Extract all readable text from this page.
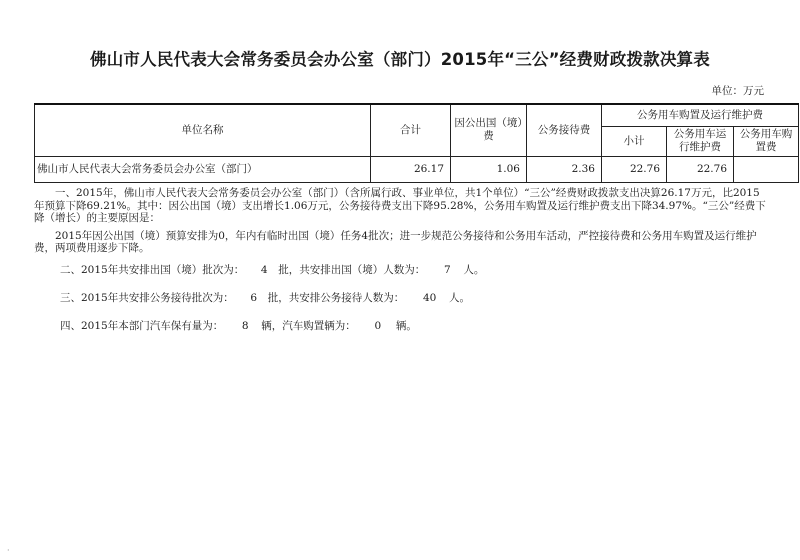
佛山市人民代表大会常务委员会办公室（部门）2015年“三公”经费财政拨款决算表
单位：万元
单位名称	合计	因公出国（境）费	公务接待费	公务用车购置及运行维护费		
				小计	公务用车运行维护费	公务用车购置费
佛山市人民代表大会常务委员会办公室（部门）	26.17	1.06	2.36	22.76	22.76	

一、2015年，佛山市人民代表大会常务委员会办公室（部门）（含所属行政、事业单位，共1个单位）“三公”经费财政拨款支出决算26.17万元，比2015年预算下降69.21%。其中：因公出国（境）支出增长1.06万元，公务接待费支出下降95.28%，公务用车购置及运行维护费支出下降34.97%。“三公”经费下降（增长）的主要原因是：

2015年因公出国（境）预算安排为0，年内有临时出国（境）任务4批次；进一步规范公务接待和公务用车活动，严控接待费和公务用车购置及运行维护费，两项费用逐步下降。

二、2015年共安排出国（境）批次为： 4 批，共安排出国（境）人数为： 7 人。
三、2015年共安排公务接待批次为： 6 批，共安排公务接待人数为： 40 人。
四、2015年本部门汽车保有量为： 8 辆，汽车购置辆为： 0 辆。
·
